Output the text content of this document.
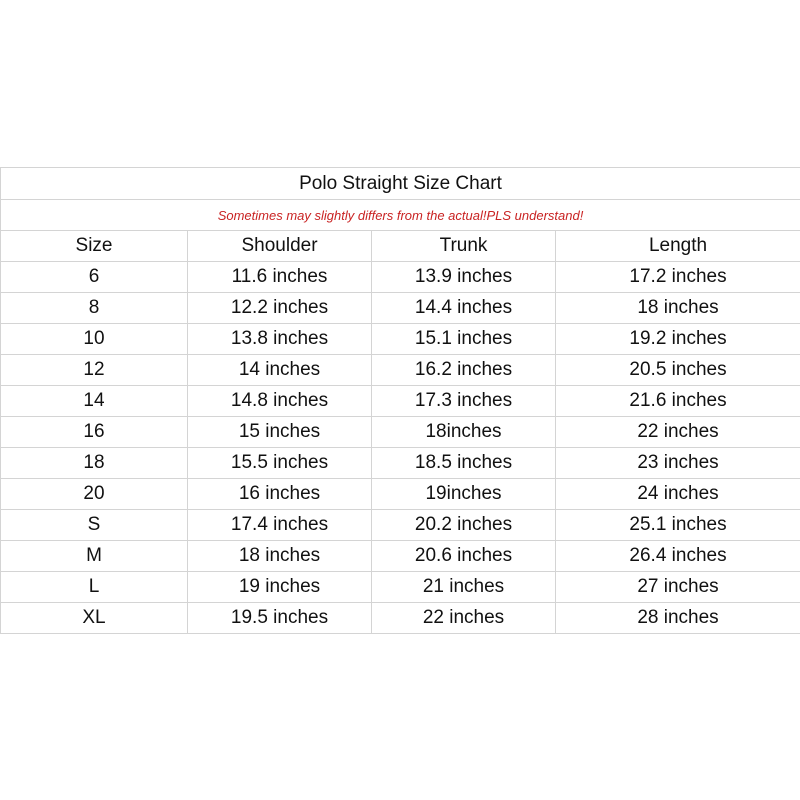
Polo Straight Size Chart			
Sometimes may slightly differs from the actual!PLS understand!			
Size	Shoulder	Trunk	Length
6	11.6 inches	13.9 inches	17.2 inches
8	12.2 inches	14.4 inches	18 inches
10	13.8 inches	15.1 inches	19.2 inches
12	14 inches	16.2 inches	20.5 inches
14	14.8 inches	17.3 inches	21.6 inches
16	15 inches	18inches	22 inches
18	15.5 inches	18.5 inches	23 inches
20	16 inches	19inches	24 inches
S	17.4 inches	20.2 inches	25.1 inches
M	18 inches	20.6 inches	26.4 inches
L	19 inches	21 inches	27 inches
XL	19.5 inches	22 inches	28 inches
